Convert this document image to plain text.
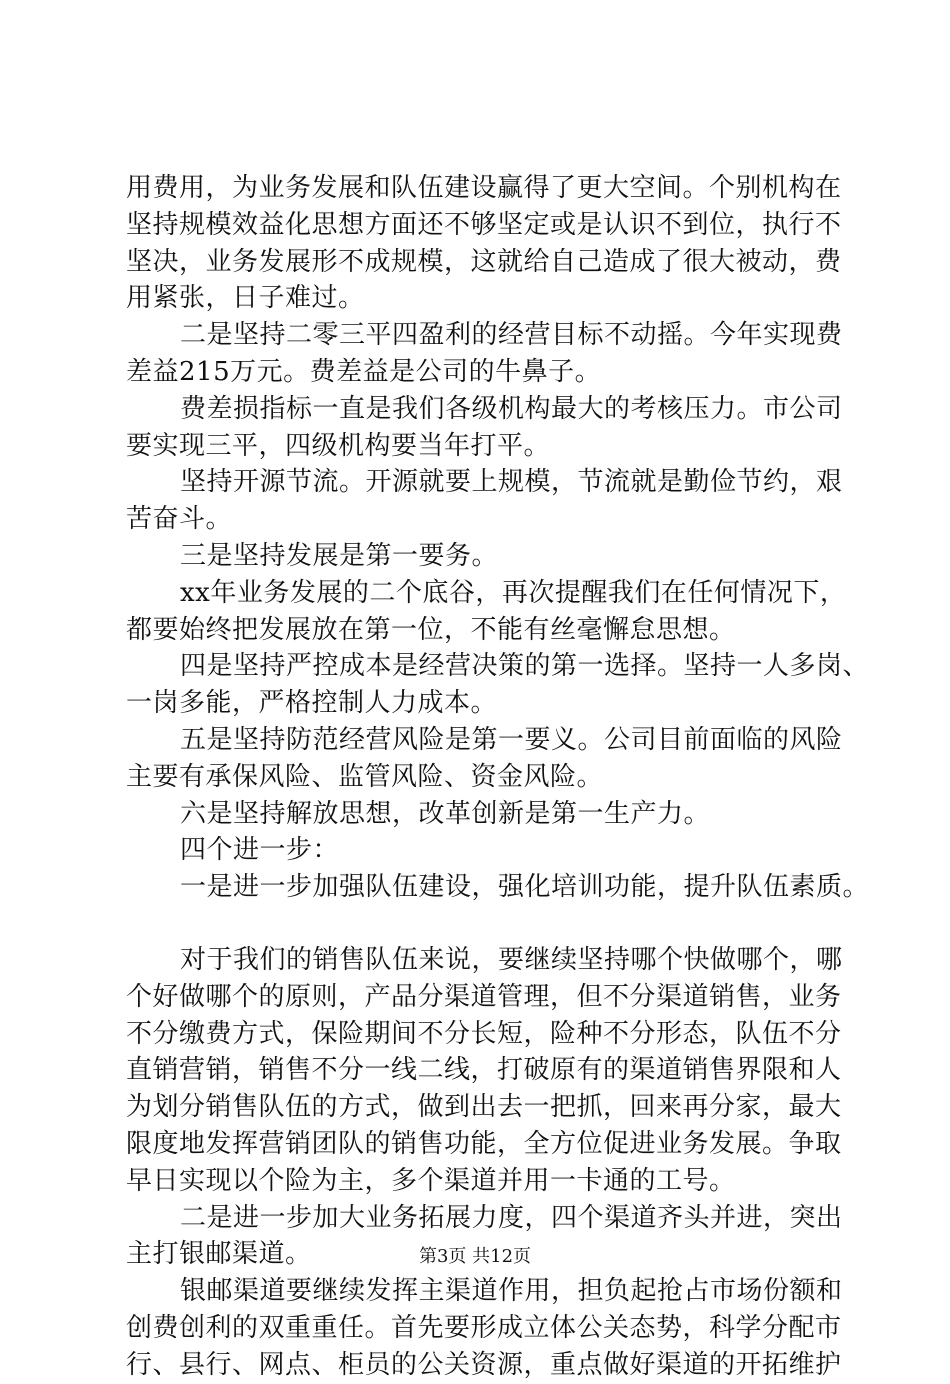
用费用，为业务发展和队伍建设赢得了更大空间。个别机构在
坚持规模效益化思想方面还不够坚定或是认识不到位，执行不
坚决，业务发展形不成规模，这就给自己造成了很大被动，费
用紧张，日子难过。
二是坚持二零三平四盈利的经营目标不动摇。今年实现费
差益215万元。费差益是公司的牛鼻子。
费差损指标一直是我们各级机构最大的考核压力。市公司
要实现三平，四级机构要当年打平。
坚持开源节流。开源就要上规模，节流就是勤俭节约，艰
苦奋斗。
三是坚持发展是第一要务。
xx年业务发展的二个底谷，再次提醒我们在任何情况下，
都要始终把发展放在第一位，不能有丝毫懈怠思想。
四是坚持严控成本是经营决策的第一选择。坚持一人多岗、
一岗多能，严格控制人力成本。
五是坚持防范经营风险是第一要义。公司目前面临的风险
主要有承保风险、监管风险、资金风险。
六是坚持解放思想，改革创新是第一生产力。
四个进一步：
一是进一步加强队伍建设，强化培训功能，提升队伍素质。
对于我们的销售队伍来说，要继续坚持哪个快做哪个，哪
个好做哪个的原则，产品分渠道管理，但不分渠道销售，业务
不分缴费方式，保险期间不分长短，险种不分形态，队伍不分
直销营销，销售不分一线二线，打破原有的渠道销售界限和人
为划分销售队伍的方式，做到出去一把抓，回来再分家，最大
限度地发挥营销团队的销售功能，全方位促进业务发展。争取
早日实现以个险为主，多个渠道并用一卡通的工号。
二是进一步加大业务拓展力度，四个渠道齐头并进，突出
主打银邮渠道。
银邮渠道要继续发挥主渠道作用，担负起抢占市场份额和
创费创利的双重重任。首先要形成立体公关态势，科学分配市
行、县行、网点、柜员的公关资源，重点做好渠道的开拓维护
第3页 共12页
